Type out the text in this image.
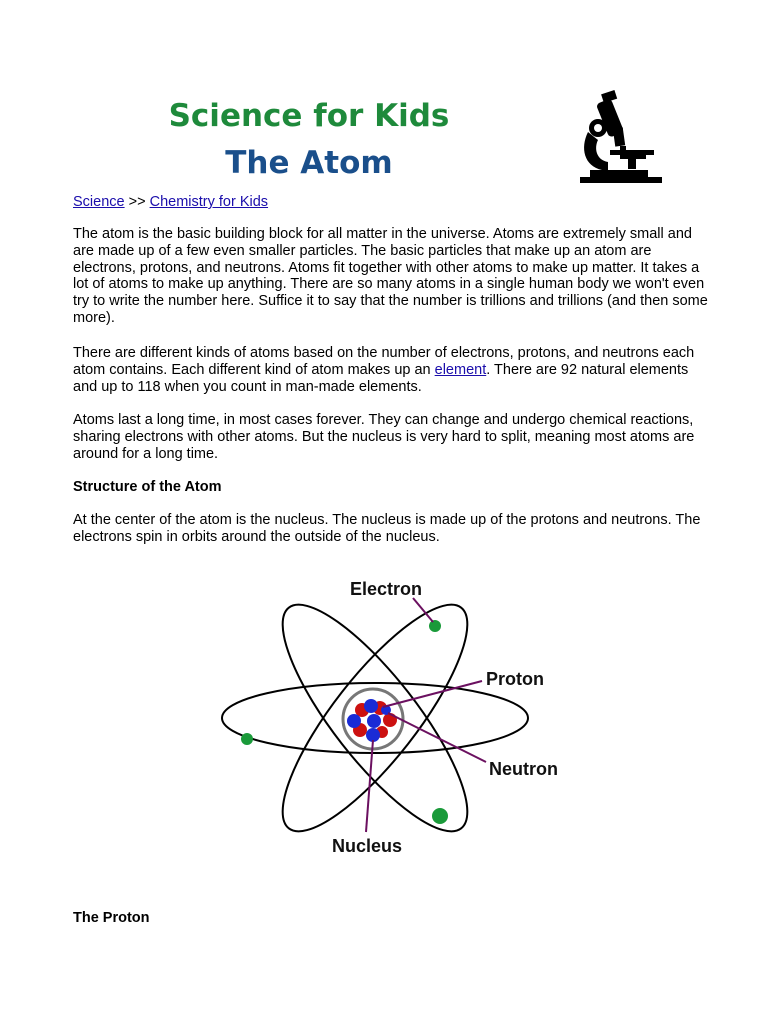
Science for Kids
The Atom
Science >> Chemistry for Kids

The atom is the basic building block for all matter in the universe. Atoms are extremely small and are made up of a few even smaller particles. The basic particles that make up an atom are electrons, protons, and neutrons. Atoms fit together with other atoms to make up matter. It takes a lot of atoms to make up anything. There are so many atoms in a single human body we won't even try to write the number here. Suffice it to say that the number is trillions and trillions (and then some more).

There are different kinds of atoms based on the number of electrons, protons, and neutrons each atom contains. Each different kind of atom makes up an element. There are 92 natural elements and up to 118 when you count in man-made elements.

Atoms last a long time, in most cases forever. They can change and undergo chemical reactions, sharing electrons with other atoms. But the nucleus is very hard to split, meaning most atoms are around for a long time.

Structure of the Atom

At the center of the atom is the nucleus. The nucleus is made up of the protons and neutrons. The electrons spin in orbits around the outside of the nucleus.

Electron
Proton
Neutron
Nucleus
The Proton
